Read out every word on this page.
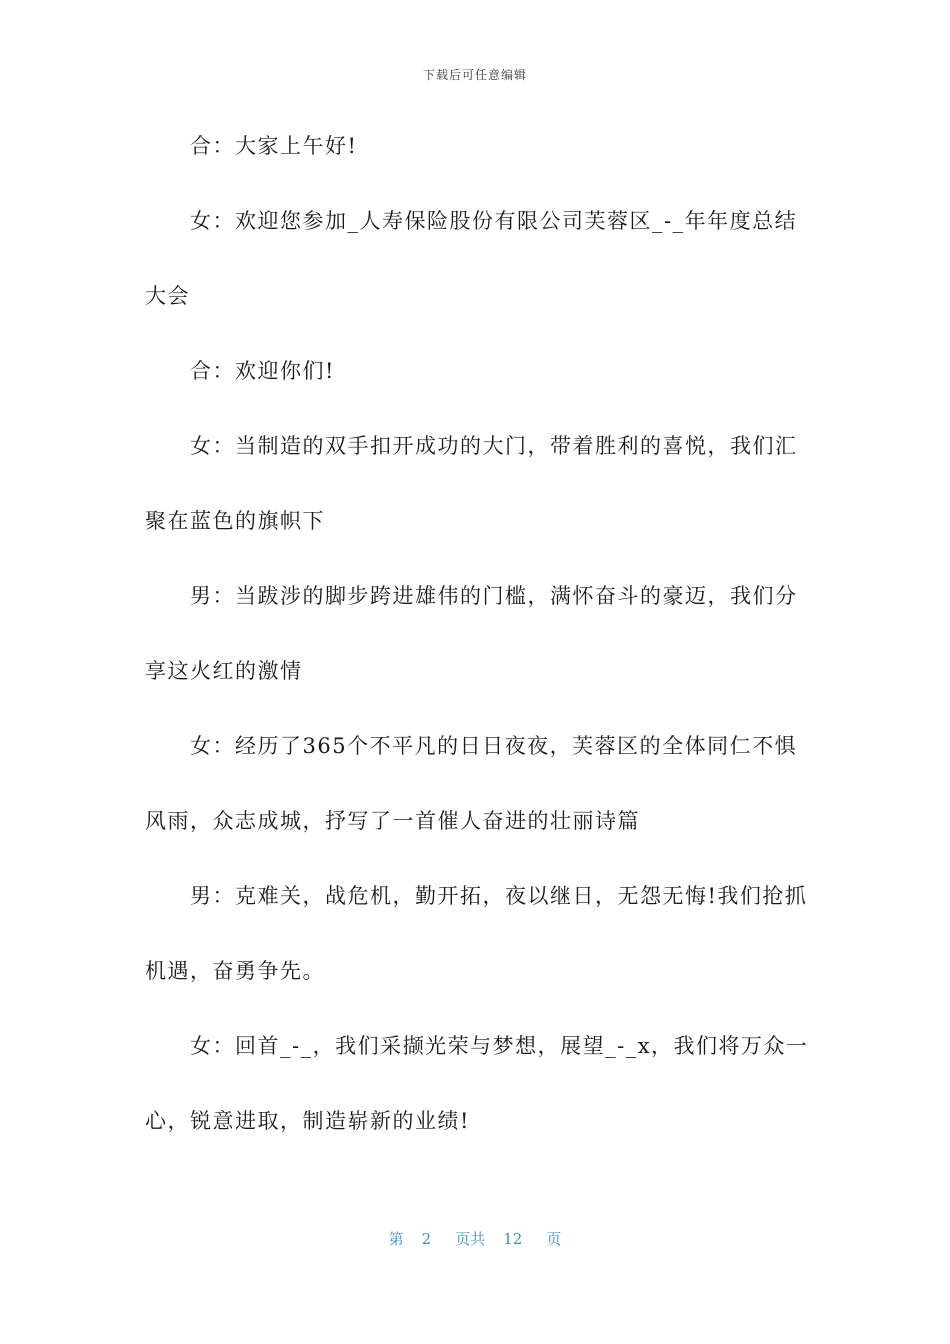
下载后可任意编辑
合：大家上午好!
女：欢迎您参加_人寿保险股份有限公司芙蓉区_-_年年度总结
大会
合：欢迎你们!
女：当制造的双手扣开成功的大门，带着胜利的喜悦，我们汇
聚在蓝色的旗帜下
男：当跋涉的脚步跨进雄伟的门槛，满怀奋斗的豪迈，我们分
享这火红的激情
女：经历了365个不平凡的日日夜夜，芙蓉区的全体同仁不惧
风雨，众志成城，抒写了一首催人奋进的壮丽诗篇
男：克难关，战危机，勤开拓，夜以继日，无怨无悔!我们抢抓
机遇，奋勇争先。
女：回首_-_，我们采撷光荣与梦想，展望_-_x，我们将万众一
心，锐意进取，制造崭新的业绩!
第 2 页共 12 页
